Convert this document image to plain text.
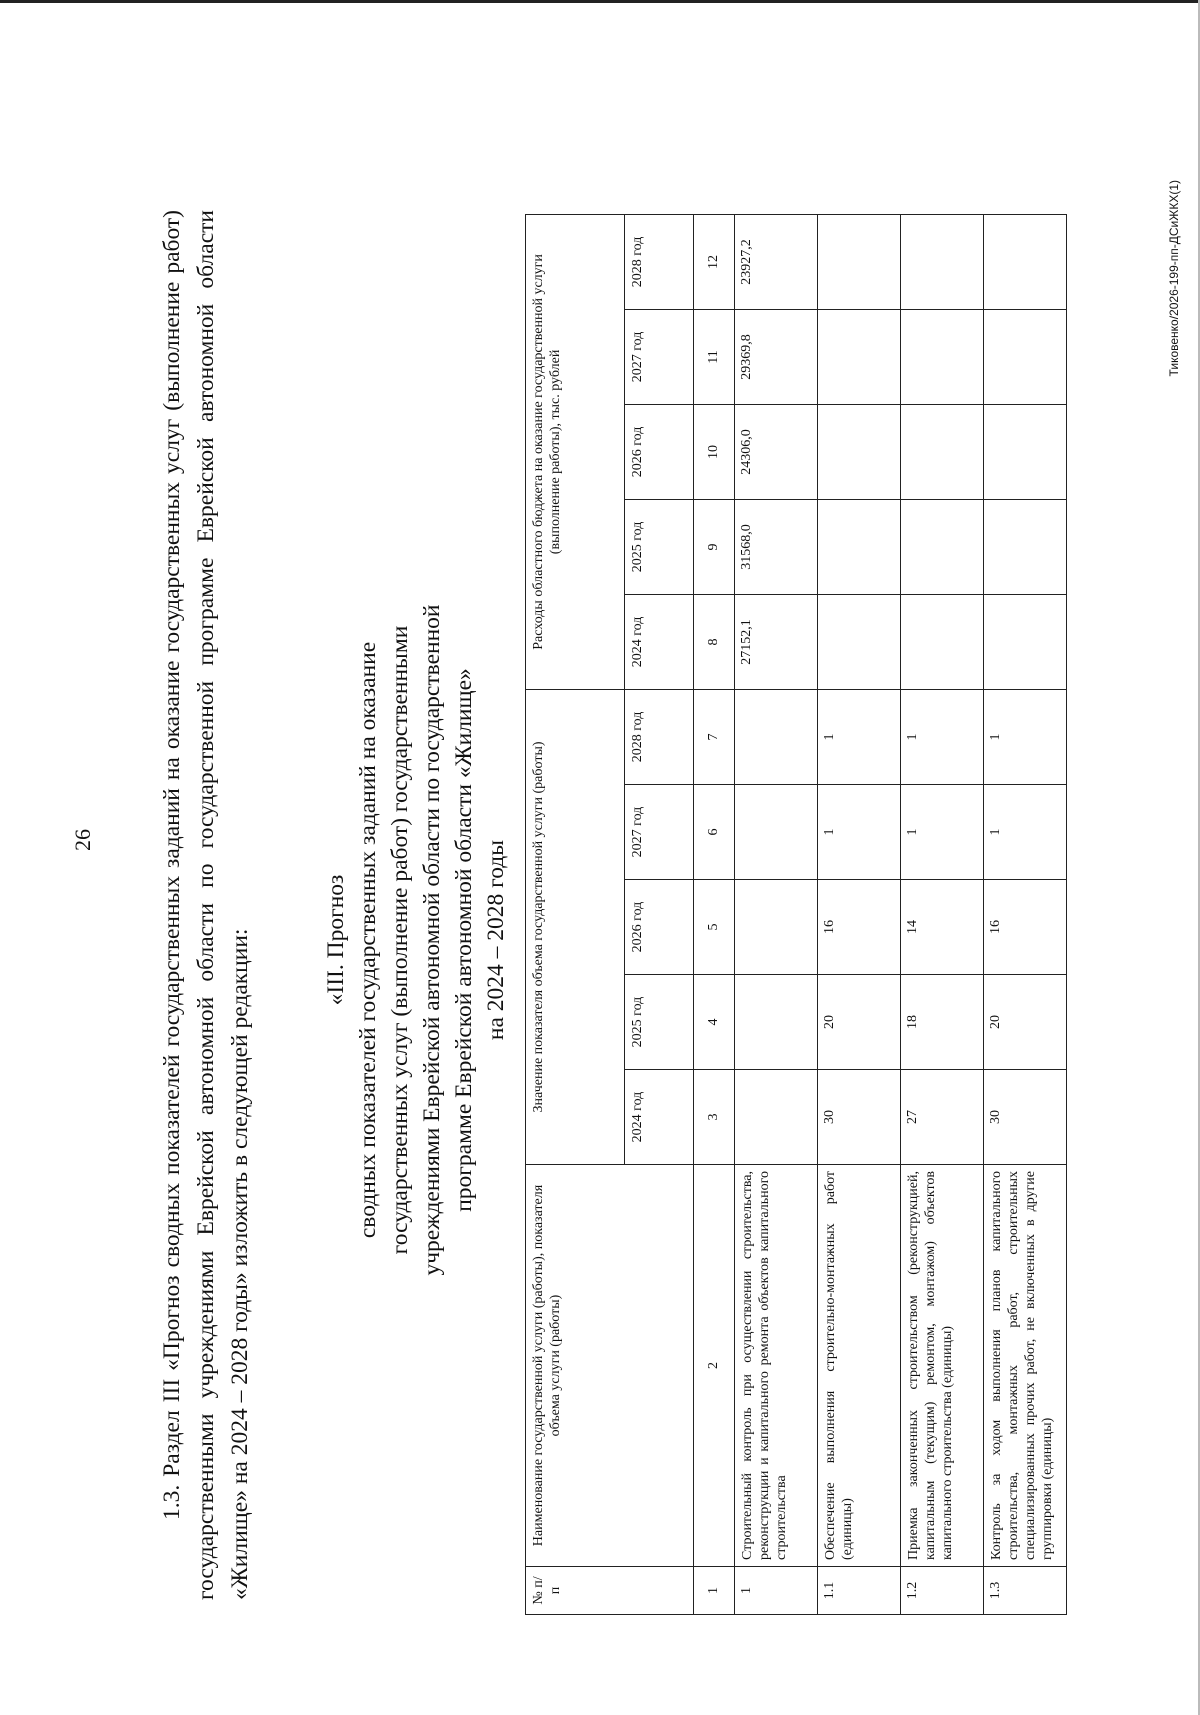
26	1.3. Раздел III «Прогноз сводных показателей государственных заданий на оказание государственных услуг (выполнение работ) государственными учреждениями Еврейской автономной области по государственной программе Еврейской автономной области «Жилище» на 2024 – 2028 годы» изложить в следующей редакции:	«III. Прогноз сводных показателей государственных заданий на оказание государственных услуг (выполнение работ) государственными учреждениями Еврейской автономной области по государственной программе Еврейской автономной области «Жилище» на 2024 – 2028 годы
№ п/п	Наименование государственной услуги (работы), показателя объема услуги (работы)	Значение показателя объема государственной услуги (работы)					Расходы областного бюджета на оказание государственной услуги (выполнение работы), тыс. рублей				
		2024 год	2025 год	2026 год	2027 год	2028 год	2024 год	2025 год	2026 год	2027 год	2028 год
1	2	3	4	5	6	7	8	9	10	11	12
1	Строительный контроль при осуществлении строительства, реконструкции и капитального ремонта объектов капитального строительства						27152,1	31568,0	24306,0	29369,8	23927,2
1.1	Обеспечение выполнения строительно-монтажных работ (единицы)	30	20	16	1	1					
1.2	Приемка законченных строительством (реконструкцией, капитальным (текущим) ремонтом, монтажом) объектов капитального строительства (единицы)	27	18	14	1	1					
1.3	Контроль за ходом выполнения планов капитального строительства, монтажных работ, строительных специализированных прочих работ, не включенных в другие группировки (единицы)	30	20	16	1	1					
Тиковенко/2026-199-пп-ДСиЖКХ(1)
